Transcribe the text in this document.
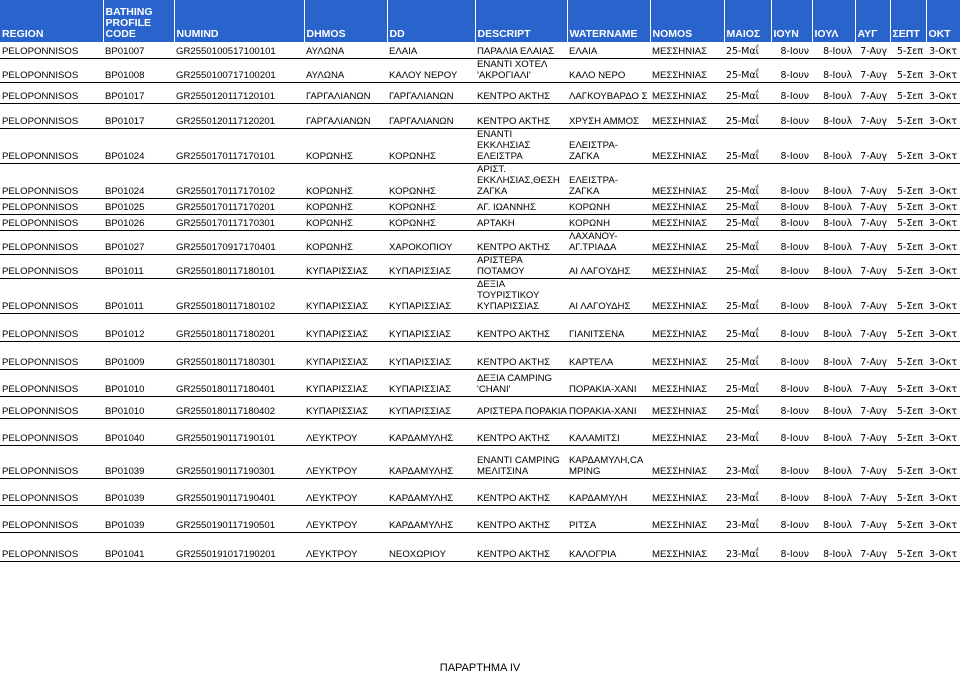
REGION	BATHING PROFILE CODE	NUMIND	DHMOS	DD	DESCRIPT	WATERNAME	NOMOS	ΜΑΙΟΣ	ΙΟΥΝ	ΙΟΥΛ	ΑΥΓ	ΣΕΠΤ	ΟΚΤ
PELOPONNISOS	BP01007	GR2550100517100101	ΑΥΛΩΝΑ	ΕΛΑΙΑ	ΠΑΡΑΛΙΑ ΕΛΑΙΑΣ	ΕΛΑΙΑ	ΜΕΣΣΗΝΙΑΣ	25-Μαΐ	8-Ιουν	8-Ιουλ	7-Αυγ	5-Σεπ	3-Οκτ
PELOPONNISOS	BP01008	GR2550100717100201	ΑΥΛΩΝΑ	ΚΑΛΟΥ ΝΕΡΟΥ	ΕΝΑΝΤΙ ΧΟΤΕΛ 'ΑΚΡΟΓΙΑΛΙ'	ΚΑΛΟ ΝΕΡΟ	ΜΕΣΣΗΝΙΑΣ	25-Μαΐ	8-Ιουν	8-Ιουλ	7-Αυγ	5-Σεπ	3-Οκτ
PELOPONNISOS	BP01017	GR2550120117120101	ΓΑΡΓΑΛΙΑΝΩΝ	ΓΑΡΓΑΛΙΑΝΩΝ	ΚΕΝΤΡΟ ΑΚΤΗΣ	ΛΑΓΚΟΥΒΑΡΔΟ Σ	ΜΕΣΣΗΝΙΑΣ	25-Μαΐ	8-Ιουν	8-Ιουλ	7-Αυγ	5-Σεπ	3-Οκτ
PELOPONNISOS	BP01017	GR2550120117120201	ΓΑΡΓΑΛΙΑΝΩΝ	ΓΑΡΓΑΛΙΑΝΩΝ	ΚΕΝΤΡΟ ΑΚΤΗΣ	ΧΡΥΣΗ ΑΜΜΟΣ	ΜΕΣΣΗΝΙΑΣ	25-Μαΐ	8-Ιουν	8-Ιουλ	7-Αυγ	5-Σεπ	3-Οκτ
PELOPONNISOS	BP01024	GR2550170117170101	ΚΟΡΩΝΗΣ	ΚΟΡΩΝΗΣ	ΕΝΑΝΤΙ ΕΚΚΛΗΣΙΑΣ ΕΛΕΙΣΤΡΑ	ΕΛΕΙΣΤΡΑ- ΖΑΓΚΑ	ΜΕΣΣΗΝΙΑΣ	25-Μαΐ	8-Ιουν	8-Ιουλ	7-Αυγ	5-Σεπ	3-Οκτ
PELOPONNISOS	BP01024	GR2550170117170102	ΚΟΡΩΝΗΣ	ΚΟΡΩΝΗΣ	ΑΡΙΣΤ. ΕΚΚΛΗΣΙΑΣ,ΘΕΣΗ ΖΑΓΚΑ	ΕΛΕΙΣΤΡΑ- ΖΑΓΚΑ	ΜΕΣΣΗΝΙΑΣ	25-Μαΐ	8-Ιουν	8-Ιουλ	7-Αυγ	5-Σεπ	3-Οκτ
PELOPONNISOS	BP01025	GR2550170117170201	ΚΟΡΩΝΗΣ	ΚΟΡΩΝΗΣ	ΑΓ. ΙΩΑΝΝΗΣ	ΚΟΡΩΝΗ	ΜΕΣΣΗΝΙΑΣ	25-Μαΐ	8-Ιουν	8-Ιουλ	7-Αυγ	5-Σεπ	3-Οκτ
PELOPONNISOS	BP01026	GR2550170117170301	ΚΟΡΩΝΗΣ	ΚΟΡΩΝΗΣ	ΑΡΤΑΚΗ	ΚΟΡΩΝΗ	ΜΕΣΣΗΝΙΑΣ	25-Μαΐ	8-Ιουν	8-Ιουλ	7-Αυγ	5-Σεπ	3-Οκτ
PELOPONNISOS	BP01027	GR2550170917170401	ΚΟΡΩΝΗΣ	ΧΑΡΟΚΟΠΙΟΥ	ΚΕΝΤΡΟ ΑΚΤΗΣ	ΛΑΧΑΝΟΥ- ΑΓ.ΤΡΙΑΔΑ	ΜΕΣΣΗΝΙΑΣ	25-Μαΐ	8-Ιουν	8-Ιουλ	7-Αυγ	5-Σεπ	3-Οκτ
PELOPONNISOS	BP01011	GR2550180117180101	ΚΥΠΑΡΙΣΣΙΑΣ	ΚΥΠΑΡΙΣΣΙΑΣ	ΑΡΙΣΤΕΡΑ ΠΟΤΑΜΟΥ	ΑΙ ΛΑΓΟΥΔΗΣ	ΜΕΣΣΗΝΙΑΣ	25-Μαΐ	8-Ιουν	8-Ιουλ	7-Αυγ	5-Σεπ	3-Οκτ
PELOPONNISOS	BP01011	GR2550180117180102	ΚΥΠΑΡΙΣΣΙΑΣ	ΚΥΠΑΡΙΣΣΙΑΣ	ΔΕΞΙΑ ΤΟΥΡΙΣΤΙΚΟΥ ΚΥΠΑΡΙΣΣΙΑΣ	ΑΙ ΛΑΓΟΥΔΗΣ	ΜΕΣΣΗΝΙΑΣ	25-Μαΐ	8-Ιουν	8-Ιουλ	7-Αυγ	5-Σεπ	3-Οκτ
PELOPONNISOS	BP01012	GR2550180117180201	ΚΥΠΑΡΙΣΣΙΑΣ	ΚΥΠΑΡΙΣΣΙΑΣ	ΚΕΝΤΡΟ ΑΚΤΗΣ	ΓΙΑΝΙΤΣΕΝΑ	ΜΕΣΣΗΝΙΑΣ	25-Μαΐ	8-Ιουν	8-Ιουλ	7-Αυγ	5-Σεπ	3-Οκτ
PELOPONNISOS	BP01009	GR2550180117180301	ΚΥΠΑΡΙΣΣΙΑΣ	ΚΥΠΑΡΙΣΣΙΑΣ	ΚΕΝΤΡΟ ΑΚΤΗΣ	ΚΑΡΤΕΛΑ	ΜΕΣΣΗΝΙΑΣ	25-Μαΐ	8-Ιουν	8-Ιουλ	7-Αυγ	5-Σεπ	3-Οκτ
PELOPONNISOS	BP01010	GR2550180117180401	ΚΥΠΑΡΙΣΣΙΑΣ	ΚΥΠΑΡΙΣΣΙΑΣ	ΔΕΞΙΑ CAMPING 'CHANI'	ΠΟΡΑΚΙΑ-ΧΑΝΙ	ΜΕΣΣΗΝΙΑΣ	25-Μαΐ	8-Ιουν	8-Ιουλ	7-Αυγ	5-Σεπ	3-Οκτ
PELOPONNISOS	BP01010	GR2550180117180402	ΚΥΠΑΡΙΣΣΙΑΣ	ΚΥΠΑΡΙΣΣΙΑΣ	ΑΡΙΣΤΕΡΑ ΠΟΡΑΚΙΑ	ΠΟΡΑΚΙΑ-ΧΑΝΙ	ΜΕΣΣΗΝΙΑΣ	25-Μαΐ	8-Ιουν	8-Ιουλ	7-Αυγ	5-Σεπ	3-Οκτ
PELOPONNISOS	BP01040	GR2550190117190101	ΛΕΥΚΤΡΟΥ	ΚΑΡΔΑΜΥΛΗΣ	ΚΕΝΤΡΟ ΑΚΤΗΣ	ΚΑΛΑΜΙΤΣΙ	ΜΕΣΣΗΝΙΑΣ	23-Μαΐ	8-Ιουν	8-Ιουλ	7-Αυγ	5-Σεπ	3-Οκτ
PELOPONNISOS	BP01039	GR2550190117190301	ΛΕΥΚΤΡΟΥ	ΚΑΡΔΑΜΥΛΗΣ	ΕΝΑΝΤΙ CAMPING ΜΕΛΙΤΣΙΝΑ	ΚΑΡΔΑΜΥΛΗ,CA MPING	ΜΕΣΣΗΝΙΑΣ	23-Μαΐ	8-Ιουν	8-Ιουλ	7-Αυγ	5-Σεπ	3-Οκτ
PELOPONNISOS	BP01039	GR2550190117190401	ΛΕΥΚΤΡΟΥ	ΚΑΡΔΑΜΥΛΗΣ	ΚΕΝΤΡΟ ΑΚΤΗΣ	ΚΑΡΔΑΜΥΛΗ	ΜΕΣΣΗΝΙΑΣ	23-Μαΐ	8-Ιουν	8-Ιουλ	7-Αυγ	5-Σεπ	3-Οκτ
PELOPONNISOS	BP01039	GR2550190117190501	ΛΕΥΚΤΡΟΥ	ΚΑΡΔΑΜΥΛΗΣ	ΚΕΝΤΡΟ ΑΚΤΗΣ	ΡΙΤΣΑ	ΜΕΣΣΗΝΙΑΣ	23-Μαΐ	8-Ιουν	8-Ιουλ	7-Αυγ	5-Σεπ	3-Οκτ
PELOPONNISOS	BP01041	GR2550191017190201	ΛΕΥΚΤΡΟΥ	ΝΕΟΧΩΡΙΟΥ	ΚΕΝΤΡΟ ΑΚΤΗΣ	ΚΑΛΟΓΡΙΑ	ΜΕΣΣΗΝΙΑΣ	23-Μαΐ	8-Ιουν	8-Ιουλ	7-Αυγ	5-Σεπ	3-Οκτ
ΠΑΡΑΡΤΗΜΑ IV
